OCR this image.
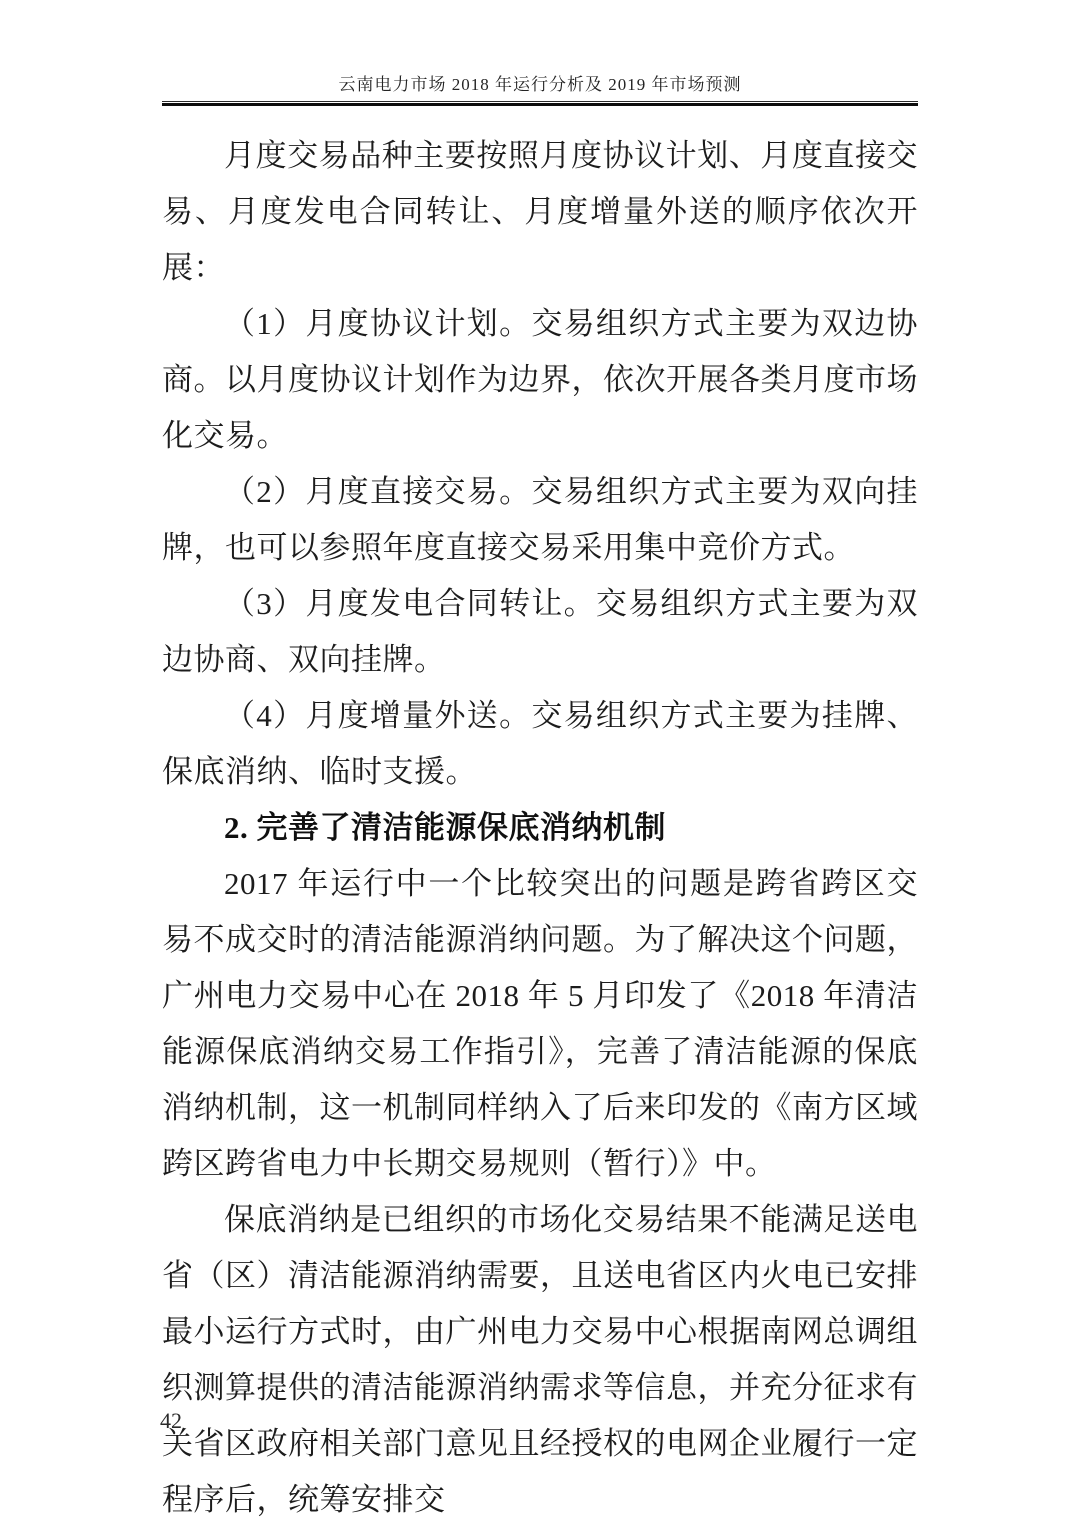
云南电力市场 2018 年运行分析及 2019 年市场预测

月度交易品种主要按照月度协议计划、月度直接交易、月度发电合同转让、月度增量外送的顺序依次开展：

（1）月度协议计划。交易组织方式主要为双边协商。以月度协议计划作为边界，依次开展各类月度市场化交易。

（2）月度直接交易。交易组织方式主要为双向挂牌，也可以参照年度直接交易采用集中竞价方式。

（3）月度发电合同转让。交易组织方式主要为双边协商、双向挂牌。

（4）月度增量外送。交易组织方式主要为挂牌、保底消纳、临时支援。

2. 完善了清洁能源保底消纳机制

2017 年运行中一个比较突出的问题是跨省跨区交易不成交时的清洁能源消纳问题。为了解决这个问题，广州电力交易中心在 2018 年 5 月印发了《2018 年清洁能源保底消纳交易工作指引》，完善了清洁能源的保底消纳机制，这一机制同样纳入了后来印发的《南方区域跨区跨省电力中长期交易规则（暂行）》中。

保底消纳是已组织的市场化交易结果不能满足送电省（区）清洁能源消纳需要，且送电省区内火电已安排最小运行方式时，由广州电力交易中心根据南网总调组织测算提供的清洁能源消纳需求等信息，并充分征求有关省区政府相关部门意见且经授权的电网企业履行一定程序后，统筹安排交

42
